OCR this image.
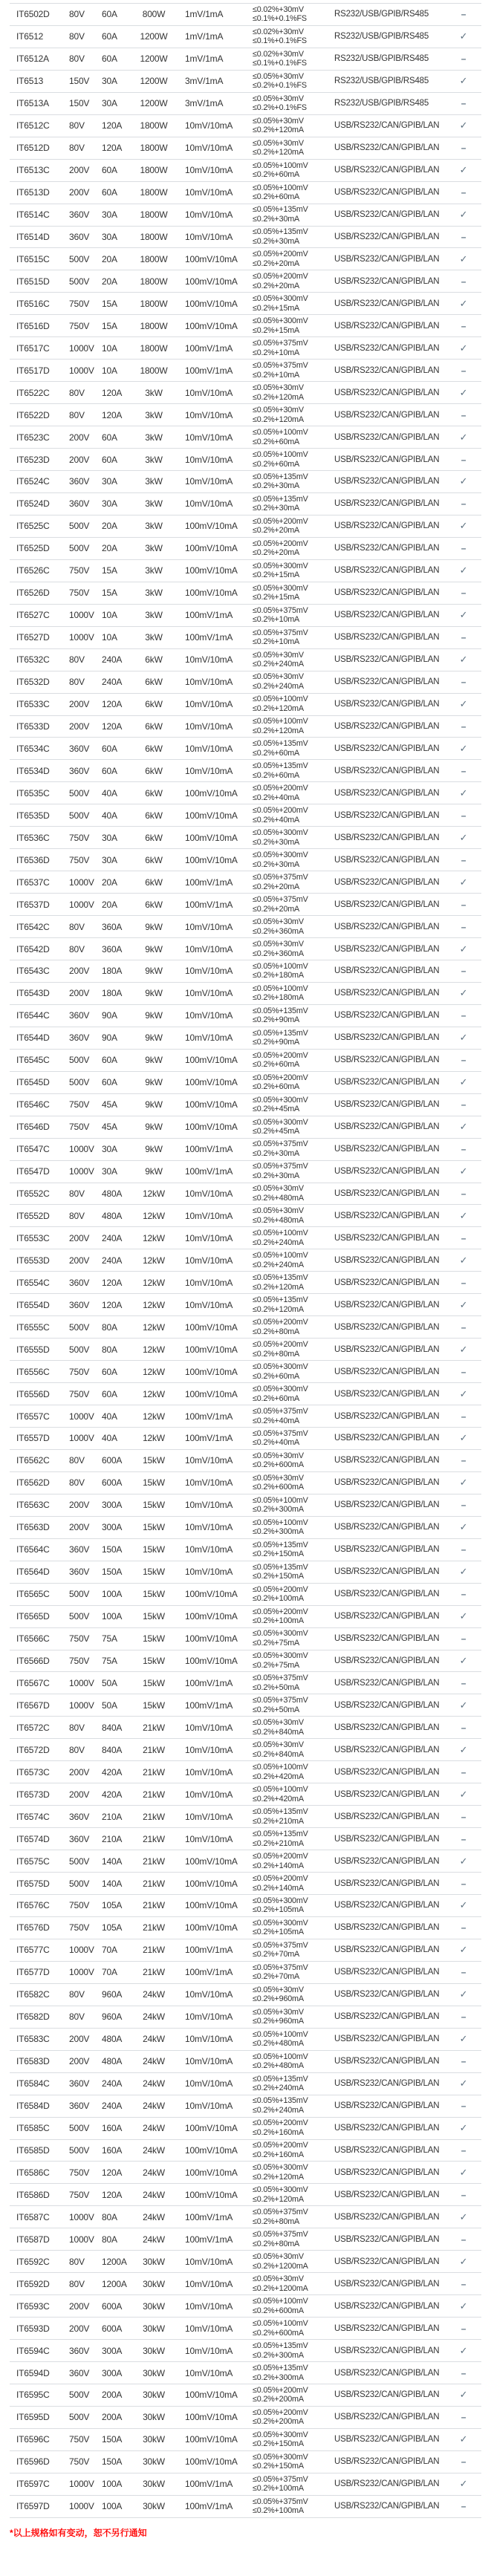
IT6502D	80V	60A	800W	1mV/1mA	≤0.02%+30mV
≤0.1%+0.1%FS	RS232/USB/GPIB/RS485	–
IT6512	80V	60A	1200W	1mV/1mA	≤0.02%+30mV
≤0.1%+0.1%FS	RS232/USB/GPIB/RS485	✓
IT6512A	80V	60A	1200W	1mV/1mA	≤0.02%+30mV
≤0.1%+0.1%FS	RS232/USB/GPIB/RS485	–
IT6513	150V	30A	1200W	3mV/1mA	≤0.05%+30mV
≤0.2%+0.1%FS	RS232/USB/GPIB/RS485	✓
IT6513A	150V	30A	1200W	3mV/1mA	≤0.05%+30mV
≤0.2%+0.1%FS	RS232/USB/GPIB/RS485	–
IT6512C	80V	120A	1800W	10mV/10mA	≤0.05%+30mV
≤0.2%+120mA	USB/RS232/CAN/GPIB/LAN	✓
IT6512D	80V	120A	1800W	10mV/10mA	≤0.05%+30mV
≤0.2%+120mA	USB/RS232/CAN/GPIB/LAN	–
IT6513C	200V	60A	1800W	10mV/10mA	≤0.05%+100mV
≤0.2%+60mA	USB/RS232/CAN/GPIB/LAN	✓
IT6513D	200V	60A	1800W	10mV/10mA	≤0.05%+100mV
≤0.2%+60mA	USB/RS232/CAN/GPIB/LAN	–
IT6514C	360V	30A	1800W	10mV/10mA	≤0.05%+135mV
≤0.2%+30mA	USB/RS232/CAN/GPIB/LAN	✓
IT6514D	360V	30A	1800W	10mV/10mA	≤0.05%+135mV
≤0.2%+30mA	USB/RS232/CAN/GPIB/LAN	–
IT6515C	500V	20A	1800W	100mV/10mA	≤0.05%+200mV
≤0.2%+20mA	USB/RS232/CAN/GPIB/LAN	✓
IT6515D	500V	20A	1800W	100mV/10mA	≤0.05%+200mV
≤0.2%+20mA	USB/RS232/CAN/GPIB/LAN	–
IT6516C	750V	15A	1800W	100mV/10mA	≤0.05%+300mV
≤0.2%+15mA	USB/RS232/CAN/GPIB/LAN	✓
IT6516D	750V	15A	1800W	100mV/10mA	≤0.05%+300mV
≤0.2%+15mA	USB/RS232/CAN/GPIB/LAN	–
IT6517C	1000V 10A	1800W	100mV/1mA	≤0.05%+375mV
≤0.2%+10mA	USB/RS232/CAN/GPIB/LAN	✓
IT6517D	1000V 10A	1800W	100mV/1mA	≤0.05%+375mV
≤0.2%+10mA	USB/RS232/CAN/GPIB/LAN	–
IT6522C	80V	120A	3kW	10mV/10mA	≤0.05%+30mV
≤0.2%+120mA	USB/RS232/CAN/GPIB/LAN	✓
IT6522D	80V	120A	3kW	10mV/10mA	≤0.05%+30mV
≤0.2%+120mA	USB/RS232/CAN/GPIB/LAN	–
IT6523C	200V	60A	3kW	10mV/10mA	≤0.05%+100mV
≤0.2%+60mA	USB/RS232/CAN/GPIB/LAN	✓
IT6523D	200V	60A	3kW	10mV/10mA	≤0.05%+100mV
≤0.2%+60mA	USB/RS232/CAN/GPIB/LAN	–
IT6524C	360V	30A	3kW	10mV/10mA	≤0.05%+135mV
≤0.2%+30mA	USB/RS232/CAN/GPIB/LAN	✓
IT6524D	360V	30A	3kW	10mV/10mA	≤0.05%+135mV
≤0.2%+30mA	USB/RS232/CAN/GPIB/LAN	–
IT6525C	500V	20A	3kW	100mV/10mA	≤0.05%+200mV
≤0.2%+20mA	USB/RS232/CAN/GPIB/LAN	✓
IT6525D	500V	20A	3kW	100mV/10mA	≤0.05%+200mV
≤0.2%+20mA	USB/RS232/CAN/GPIB/LAN	–
IT6526C	750V	15A	3kW	100mV/10mA	≤0.05%+300mV
≤0.2%+15mA	USB/RS232/CAN/GPIB/LAN	✓
IT6526D	750V	15A	3kW	100mV/10mA	≤0.05%+300mV
≤0.2%+15mA	USB/RS232/CAN/GPIB/LAN	–
IT6527C	1000V 10A	3kW	100mV/1mA	≤0.05%+375mV
≤0.2%+10mA	USB/RS232/CAN/GPIB/LAN	✓
IT6527D	1000V 10A	3kW	100mV/1mA	≤0.05%+375mV
≤0.2%+10mA	USB/RS232/CAN/GPIB/LAN	–
IT6532C	80V	240A	6kW	10mV/10mA	≤0.05%+30mV
≤0.2%+240mA	USB/RS232/CAN/GPIB/LAN	✓
IT6532D	80V	240A	6kW	10mV/10mA	≤0.05%+30mV
≤0.2%+240mA	USB/RS232/CAN/GPIB/LAN	–
IT6533C	200V	120A	6kW	10mV/10mA	≤0.05%+100mV
≤0.2%+120mA	USB/RS232/CAN/GPIB/LAN	✓
IT6533D	200V	120A	6kW	10mV/10mA	≤0.05%+100mV
≤0.2%+120mA	USB/RS232/CAN/GPIB/LAN	–
IT6534C	360V	60A	6kW	10mV/10mA	≤0.05%+135mV
≤0.2%+60mA	USB/RS232/CAN/GPIB/LAN	✓
IT6534D	360V	60A	6kW	10mV/10mA	≤0.05%+135mV
≤0.2%+60mA	USB/RS232/CAN/GPIB/LAN	–
IT6535C	500V	40A	6kW	100mV/10mA	≤0.05%+200mV
≤0.2%+40mA	USB/RS232/CAN/GPIB/LAN	✓
IT6535D	500V	40A	6kW	100mV/10mA	≤0.05%+200mV
≤0.2%+40mA	USB/RS232/CAN/GPIB/LAN	–
IT6536C	750V	30A	6kW	100mV/10mA	≤0.05%+300mV
≤0.2%+30mA	USB/RS232/CAN/GPIB/LAN	✓
IT6536D	750V	30A	6kW	100mV/10mA	≤0.05%+300mV
≤0.2%+30mA	USB/RS232/CAN/GPIB/LAN	–
IT6537C	1000V 20A	6kW	100mV/1mA	≤0.05%+375mV
≤0.2%+20mA	USB/RS232/CAN/GPIB/LAN	✓
IT6537D	1000V 20A	6kW	100mV/1mA	≤0.05%+375mV
≤0.2%+20mA	USB/RS232/CAN/GPIB/LAN	–
IT6542C	80V	360A	9kW	10mV/10mA	≤0.05%+30mV
≤0.2%+360mA	USB/RS232/CAN/GPIB/LAN	–
IT6542D	80V	360A	9kW	10mV/10mA	≤0.05%+30mV
≤0.2%+360mA	USB/RS232/CAN/GPIB/LAN	✓
IT6543C	200V	180A	9kW	10mV/10mA	≤0.05%+100mV
≤0.2%+180mA	USB/RS232/CAN/GPIB/LAN	–
IT6543D	200V	180A	9kW	10mV/10mA	≤0.05%+100mV
≤0.2%+180mA	USB/RS232/CAN/GPIB/LAN	✓
IT6544C	360V	90A	9kW	10mV/10mA	≤0.05%+135mV
≤0.2%+90mA	USB/RS232/CAN/GPIB/LAN	–
IT6544D	360V	90A	9kW	10mV/10mA	≤0.05%+135mV
≤0.2%+90mA	USB/RS232/CAN/GPIB/LAN	✓
IT6545C	500V	60A	9kW	100mV/10mA	≤0.05%+200mV
≤0.2%+60mA	USB/RS232/CAN/GPIB/LAN	–
IT6545D	500V	60A	9kW	100mV/10mA	≤0.05%+200mV
≤0.2%+60mA	USB/RS232/CAN/GPIB/LAN	✓
IT6546C	750V	45A	9kW	100mV/10mA	≤0.05%+300mV
≤0.2%+45mA	USB/RS232/CAN/GPIB/LAN	–
IT6546D	750V	45A	9kW	100mV/10mA	≤0.05%+300mV
≤0.2%+45mA	USB/RS232/CAN/GPIB/LAN	✓
IT6547C	1000V 30A	9kW	100mV/1mA	≤0.05%+375mV
≤0.2%+30mA	USB/RS232/CAN/GPIB/LAN	–
IT6547D	1000V 30A	9kW	100mV/1mA	≤0.05%+375mV
≤0.2%+30mA	USB/RS232/CAN/GPIB/LAN	✓
IT6552C	80V	480A	12kW	10mV/10mA	≤0.05%+30mV
≤0.2%+480mA	USB/RS232/CAN/GPIB/LAN	–
IT6552D	80V	480A	12kW	10mV/10mA	≤0.05%+30mV
≤0.2%+480mA	USB/RS232/CAN/GPIB/LAN	✓
IT6553C	200V	240A	12kW	10mV/10mA	≤0.05%+100mV
≤0.2%+240mA	USB/RS232/CAN/GPIB/LAN	–
IT6553D	200V	240A	12kW	10mV/10mA	≤0.05%+100mV
≤0.2%+240mA	USB/RS232/CAN/GPIB/LAN	✓
IT6554C	360V	120A	12kW	10mV/10mA	≤0.05%+135mV
≤0.2%+120mA	USB/RS232/CAN/GPIB/LAN	–
IT6554D	360V	120A	12kW	10mV/10mA	≤0.05%+135mV
≤0.2%+120mA	USB/RS232/CAN/GPIB/LAN	✓
IT6555C	500V	80A	12kW	100mV/10mA	≤0.05%+200mV
≤0.2%+80mA	USB/RS232/CAN/GPIB/LAN	–
IT6555D	500V	80A	12kW	100mV/10mA	≤0.05%+200mV
≤0.2%+80mA	USB/RS232/CAN/GPIB/LAN	✓
IT6556C	750V	60A	12kW	100mV/10mA	≤0.05%+300mV
≤0.2%+60mA	USB/RS232/CAN/GPIB/LAN	–
IT6556D	750V	60A	12kW	100mV/10mA	≤0.05%+300mV
≤0.2%+60mA	USB/RS232/CAN/GPIB/LAN	✓
IT6557C	1000V 40A	12kW	100mV/1mA	≤0.05%+375mV
≤0.2%+40mA	USB/RS232/CAN/GPIB/LAN	–
IT6557D	1000V 40A	12kW	100mV/1mA	≤0.05%+375mV
≤0.2%+40mA	USB/RS232/CAN/GPIB/LAN	✓
IT6562C	80V	600A	15kW	10mV/10mA	≤0.05%+30mV
≤0.2%+600mA	USB/RS232/CAN/GPIB/LAN	–
IT6562D	80V	600A	15kW	10mV/10mA	≤0.05%+30mV
≤0.2%+600mA	USB/RS232/CAN/GPIB/LAN	✓
IT6563C	200V	300A	15kW	10mV/10mA	≤0.05%+100mV
≤0.2%+300mA	USB/RS232/CAN/GPIB/LAN	–
IT6563D	200V	300A	15kW	10mV/10mA	≤0.05%+100mV
≤0.2%+300mA	USB/RS232/CAN/GPIB/LAN	✓
IT6564C	360V	150A	15kW	10mV/10mA	≤0.05%+135mV
≤0.2%+150mA	USB/RS232/CAN/GPIB/LAN	–
IT6564D	360V	150A	15kW	10mV/10mA	≤0.05%+135mV
≤0.2%+150mA	USB/RS232/CAN/GPIB/LAN	✓
IT6565C	500V	100A	15kW	100mV/10mA	≤0.05%+200mV
≤0.2%+100mA	USB/RS232/CAN/GPIB/LAN	–
IT6565D	500V	100A	15kW	100mV/10mA	≤0.05%+200mV
≤0.2%+100mA	USB/RS232/CAN/GPIB/LAN	✓
IT6566C	750V	75A	15kW	100mV/10mA	≤0.05%+300mV
≤0.2%+75mA	USB/RS232/CAN/GPIB/LAN	–
IT6566D	750V	75A	15kW	100mV/10mA	≤0.05%+300mV
≤0.2%+75mA	USB/RS232/CAN/GPIB/LAN	✓
IT6567C	1000V 50A	15kW	100mV/1mA	≤0.05%+375mV
≤0.2%+50mA	USB/RS232/CAN/GPIB/LAN	–
IT6567D	1000V 50A	15kW	100mV/1mA	≤0.05%+375mV
≤0.2%+50mA	USB/RS232/CAN/GPIB/LAN	✓
IT6572C	80V	840A	21kW	10mV/10mA	≤0.05%+30mV
≤0.2%+840mA	USB/RS232/CAN/GPIB/LAN	–
IT6572D	80V	840A	21kW	10mV/10mA	≤0.05%+30mV
≤0.2%+840mA	USB/RS232/CAN/GPIB/LAN	✓
IT6573C	200V	420A	21kW	10mV/10mA	≤0.05%+100mV
≤0.2%+420mA	USB/RS232/CAN/GPIB/LAN	–
IT6573D	200V	420A	21kW	10mV/10mA	≤0.05%+100mV
≤0.2%+420mA	USB/RS232/CAN/GPIB/LAN	✓
IT6574C	360V	210A	21kW	10mV/10mA	≤0.05%+135mV
≤0.2%+210mA	USB/RS232/CAN/GPIB/LAN	–
IT6574D	360V	210A	21kW	10mV/10mA	≤0.05%+135mV
≤0.2%+210mA	USB/RS232/CAN/GPIB/LAN	–
IT6575C	500V	140A	21kW	100mV/10mA	≤0.05%+200mV
≤0.2%+140mA	USB/RS232/CAN/GPIB/LAN	✓
IT6575D	500V	140A	21kW	100mV/10mA	≤0.05%+200mV
≤0.2%+140mA	USB/RS232/CAN/GPIB/LAN	–
IT6576C	750V	105A	21kW	100mV/10mA	≤0.05%+300mV
≤0.2%+105mA	USB/RS232/CAN/GPIB/LAN	✓
IT6576D	750V	105A	21kW	100mV/10mA	≤0.05%+300mV
≤0.2%+105mA	USB/RS232/CAN/GPIB/LAN	–
IT6577C	1000V 70A	21kW	100mV/1mA	≤0.05%+375mV
≤0.2%+70mA	USB/RS232/CAN/GPIB/LAN	✓
IT6577D	1000V 70A	21kW	100mV/1mA	≤0.05%+375mV
≤0.2%+70mA	USB/RS232/CAN/GPIB/LAN	–
IT6582C	80V	960A	24kW	10mV/10mA	≤0.05%+30mV
≤0.2%+960mA	USB/RS232/CAN/GPIB/LAN	✓
IT6582D	80V	960A	24kW	10mV/10mA	≤0.05%+30mV
≤0.2%+960mA	USB/RS232/CAN/GPIB/LAN	–
IT6583C	200V	480A	24kW	10mV/10mA	≤0.05%+100mV
≤0.2%+480mA	USB/RS232/CAN/GPIB/LAN	✓
IT6583D	200V	480A	24kW	10mV/10mA	≤0.05%+100mV
≤0.2%+480mA	USB/RS232/CAN/GPIB/LAN	–
IT6584C	360V	240A	24kW	10mV/10mA	≤0.05%+135mV
≤0.2%+240mA	USB/RS232/CAN/GPIB/LAN	✓
IT6584D	360V	240A	24kW	10mV/10mA	≤0.05%+135mV
≤0.2%+240mA	USB/RS232/CAN/GPIB/LAN	–
IT6585C	500V	160A	24kW	100mV/10mA	≤0.05%+200mV
≤0.2%+160mA	USB/RS232/CAN/GPIB/LAN	✓
IT6585D	500V	160A	24kW	100mV/10mA	≤0.05%+200mV
≤0.2%+160mA	USB/RS232/CAN/GPIB/LAN	–
IT6586C	750V	120A	24kW	100mV/10mA	≤0.05%+300mV
≤0.2%+120mA	USB/RS232/CAN/GPIB/LAN	✓
IT6586D	750V	120A	24kW	100mV/10mA	≤0.05%+300mV
≤0.2%+120mA	USB/RS232/CAN/GPIB/LAN	–
IT6587C	1000V 80A	24kW	100mV/1mA	≤0.05%+375mV
≤0.2%+80mA	USB/RS232/CAN/GPIB/LAN	✓
IT6587D	1000V 80A	24kW	100mV/1mA	≤0.05%+375mV
≤0.2%+80mA	USB/RS232/CAN/GPIB/LAN	–
IT6592C	80V	1200A	30kW	10mV/10mA	≤0.05%+30mV
≤0.2%+1200mA	USB/RS232/CAN/GPIB/LAN	✓
IT6592D	80V	1200A	30kW	10mV/10mA	≤0.05%+30mV
≤0.2%+1200mA	USB/RS232/CAN/GPIB/LAN	–
IT6593C	200V	600A	30kW	10mV/10mA	≤0.05%+100mV
≤0.2%+600mA	USB/RS232/CAN/GPIB/LAN	✓
IT6593D	200V	600A	30kW	10mV/10mA	≤0.05%+100mV
≤0.2%+600mA	USB/RS232/CAN/GPIB/LAN	–
IT6594C	360V	300A	30kW	10mV/10mA	≤0.05%+135mV
≤0.2%+300mA	USB/RS232/CAN/GPIB/LAN	✓
IT6594D	360V	300A	30kW	10mV/10mA	≤0.05%+135mV
≤0.2%+300mA	USB/RS232/CAN/GPIB/LAN	–
IT6595C	500V	200A	30kW	100mV/10mA	≤0.05%+200mV
≤0.2%+200mA	USB/RS232/CAN/GPIB/LAN	✓
IT6595D	500V	200A	30kW	100mV/10mA	≤0.05%+200mV
≤0.2%+200mA	USB/RS232/CAN/GPIB/LAN	–
IT6596C	750V	150A	30kW	100mV/10mA	≤0.05%+300mV
≤0.2%+150mA	USB/RS232/CAN/GPIB/LAN	✓
IT6596D	750V	150A	30kW	100mV/10mA	≤0.05%+300mV
≤0.2%+150mA	USB/RS232/CAN/GPIB/LAN	–
IT6597C	1000V 100A	30kW	100mV/1mA	≤0.05%+375mV
≤0.2%+100mA	USB/RS232/CAN/GPIB/LAN	✓
IT6597D	1000V 100A	30kW	100mV/1mA	≤0.05%+375mV
≤0.2%+100mA	USB/RS232/CAN/GPIB/LAN	–
*以上规格如有变动，恕不另行通知
